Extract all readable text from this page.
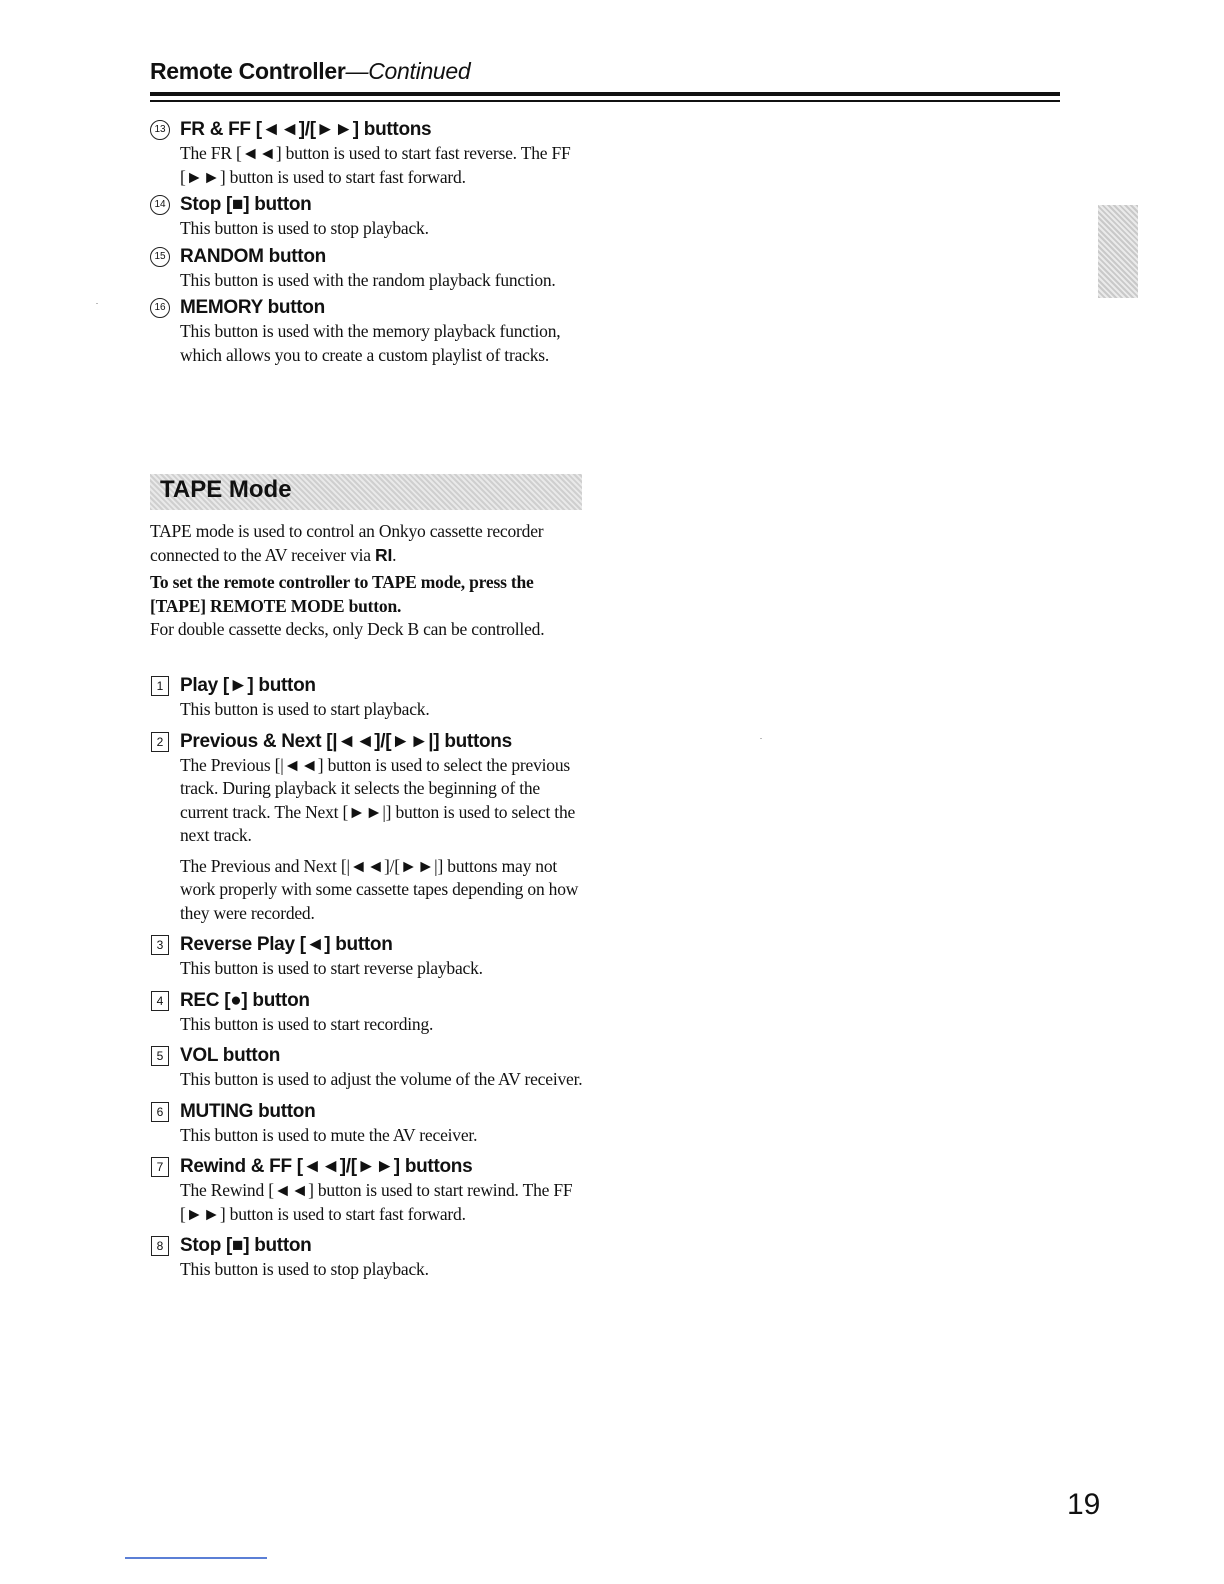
Remote Controller—Continued
13 FR & FF [◄◄]/[►►] buttons

The FR [◄◄] button is used to start fast reverse. The FF [►►] button is used to start fast forward.

14 Stop [■] button

This button is used to stop playback.

15 RANDOM button

This button is used with the random playback function.

16 MEMORY button

This button is used with the memory playback function, which allows you to create a custom playlist of tracks.

TAPE Mode

TAPE mode is used to control an Onkyo cassette recorder connected to the AV receiver via RI.

To set the remote controller to TAPE mode, press the [TAPE] REMOTE MODE button.

For double cassette decks, only Deck B can be controlled.

1 Play [►] button

This button is used to start playback.

2 Previous & Next [|◄◄]/[►►|] buttons

The Previous [|◄◄] button is used to select the previous track. During playback it selects the beginning of the current track. The Next [►►|] button is used to select the next track.

The Previous and Next [|◄◄]/[►►|] buttons may not work properly with some cassette tapes depending on how they were recorded.

3 Reverse Play [◄] button

This button is used to start reverse playback.

4 REC [●] button

This button is used to start recording.

5 VOL button

This button is used to adjust the volume of the AV receiver.

6 MUTING button

This button is used to mute the AV receiver.

7 Rewind & FF [◄◄]/[►►] buttons

The Rewind [◄◄] button is used to start rewind. The FF [►►] button is used to start fast forward.

8 Stop [■] button

This button is used to stop playback.

19
